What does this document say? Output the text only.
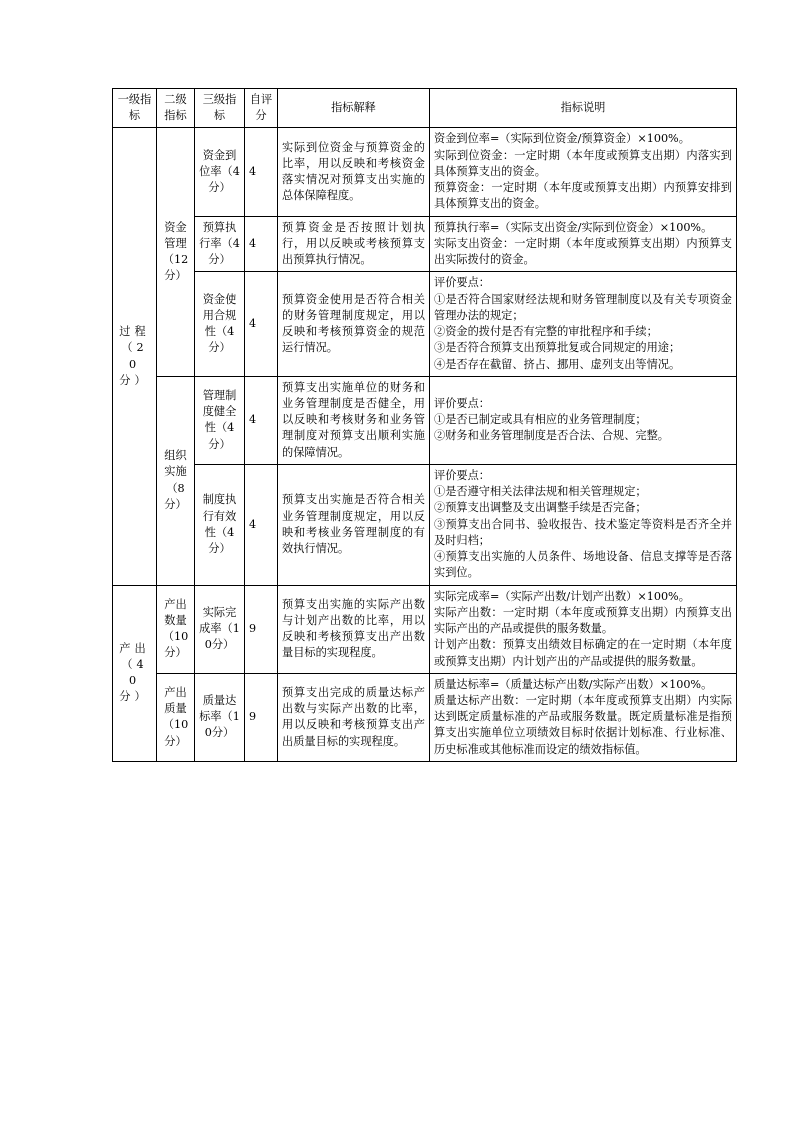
一级指标	二级指标	三级指标	自评分	指标解释	指标说明
过程（20分）	资金管理（12分）	资金到位率（4分）	4	实际到位资金与预算资金的比率，用以反映和考核资金落实情况对预算支出实施的总体保障程度。	资金到位率=（实际到位资金/预算资金）×100%。
实际到位资金：一定时期（本年度或预算支出期）内落实到具体预算支出的资金。
预算资金：一定时期（本年度或预算支出期）内预算安排到具体预算支出的资金。
		预算执行率（4分）	4	预算资金是否按照计划执行，用以反映或考核预算支出预算执行情况。	预算执行率=（实际支出资金/实际到位资金）×100%。
实际支出资金：一定时期（本年度或预算支出期）内预算支出实际拨付的资金。
		资金使用合规性（4分）	4	预算资金使用是否符合相关的财务管理制度规定，用以反映和考核预算资金的规范运行情况。	评价要点：
①是否符合国家财经法规和财务管理制度以及有关专项资金管理办法的规定；
②资金的拨付是否有完整的审批程序和手续；
③是否符合预算支出预算批复或合同规定的用途；
④是否存在截留、挤占、挪用、虚列支出等情况。
	组织实施（8分）	管理制度健全性（4分）	4	预算支出实施单位的财务和业务管理制度是否健全，用以反映和考核财务和业务管理制度对预算支出顺利实施的保障情况。	评价要点：
①是否已制定或具有相应的业务管理制度；
②财务和业务管理制度是否合法、合规、完整。
		制度执行有效性（4分）	4	预算支出实施是否符合相关业务管理制度规定，用以反映和考核业务管理制度的有效执行情况。	评价要点：
①是否遵守相关法律法规和相关管理规定；
②预算支出调整及支出调整手续是否完备；
③预算支出合同书、验收报告、技术鉴定等资料是否齐全并及时归档；
④预算支出实施的人员条件、场地设备、信息支撑等是否落实到位。
产出（40分）	产出数量（10分）	实际完成率（10分）	9	预算支出实施的实际产出数与计划产出数的比率，用以反映和考核预算支出产出数量目标的实现程度。	实际完成率=（实际产出数/计划产出数）×100%。
实际产出数：一定时期（本年度或预算支出期）内预算支出实际产出的产品或提供的服务数量。
计划产出数：预算支出绩效目标确定的在一定时期（本年度或预算支出期）内计划产出的产品或提供的服务数量。
	产出质量（10分）	质量达标率（10分）	9	预算支出完成的质量达标产出数与实际产出数的比率，用以反映和考核预算支出产出质量目标的实现程度。	质量达标率=（质量达标产出数/实际产出数）×100%。
质量达标产出数：一定时期（本年度或预算支出期）内实际达到既定质量标准的产品或服务数量。既定质量标准是指预算支出实施单位立项绩效目标时依据计划标准、行业标准、历史标准或其他标准而设定的绩效指标值。
